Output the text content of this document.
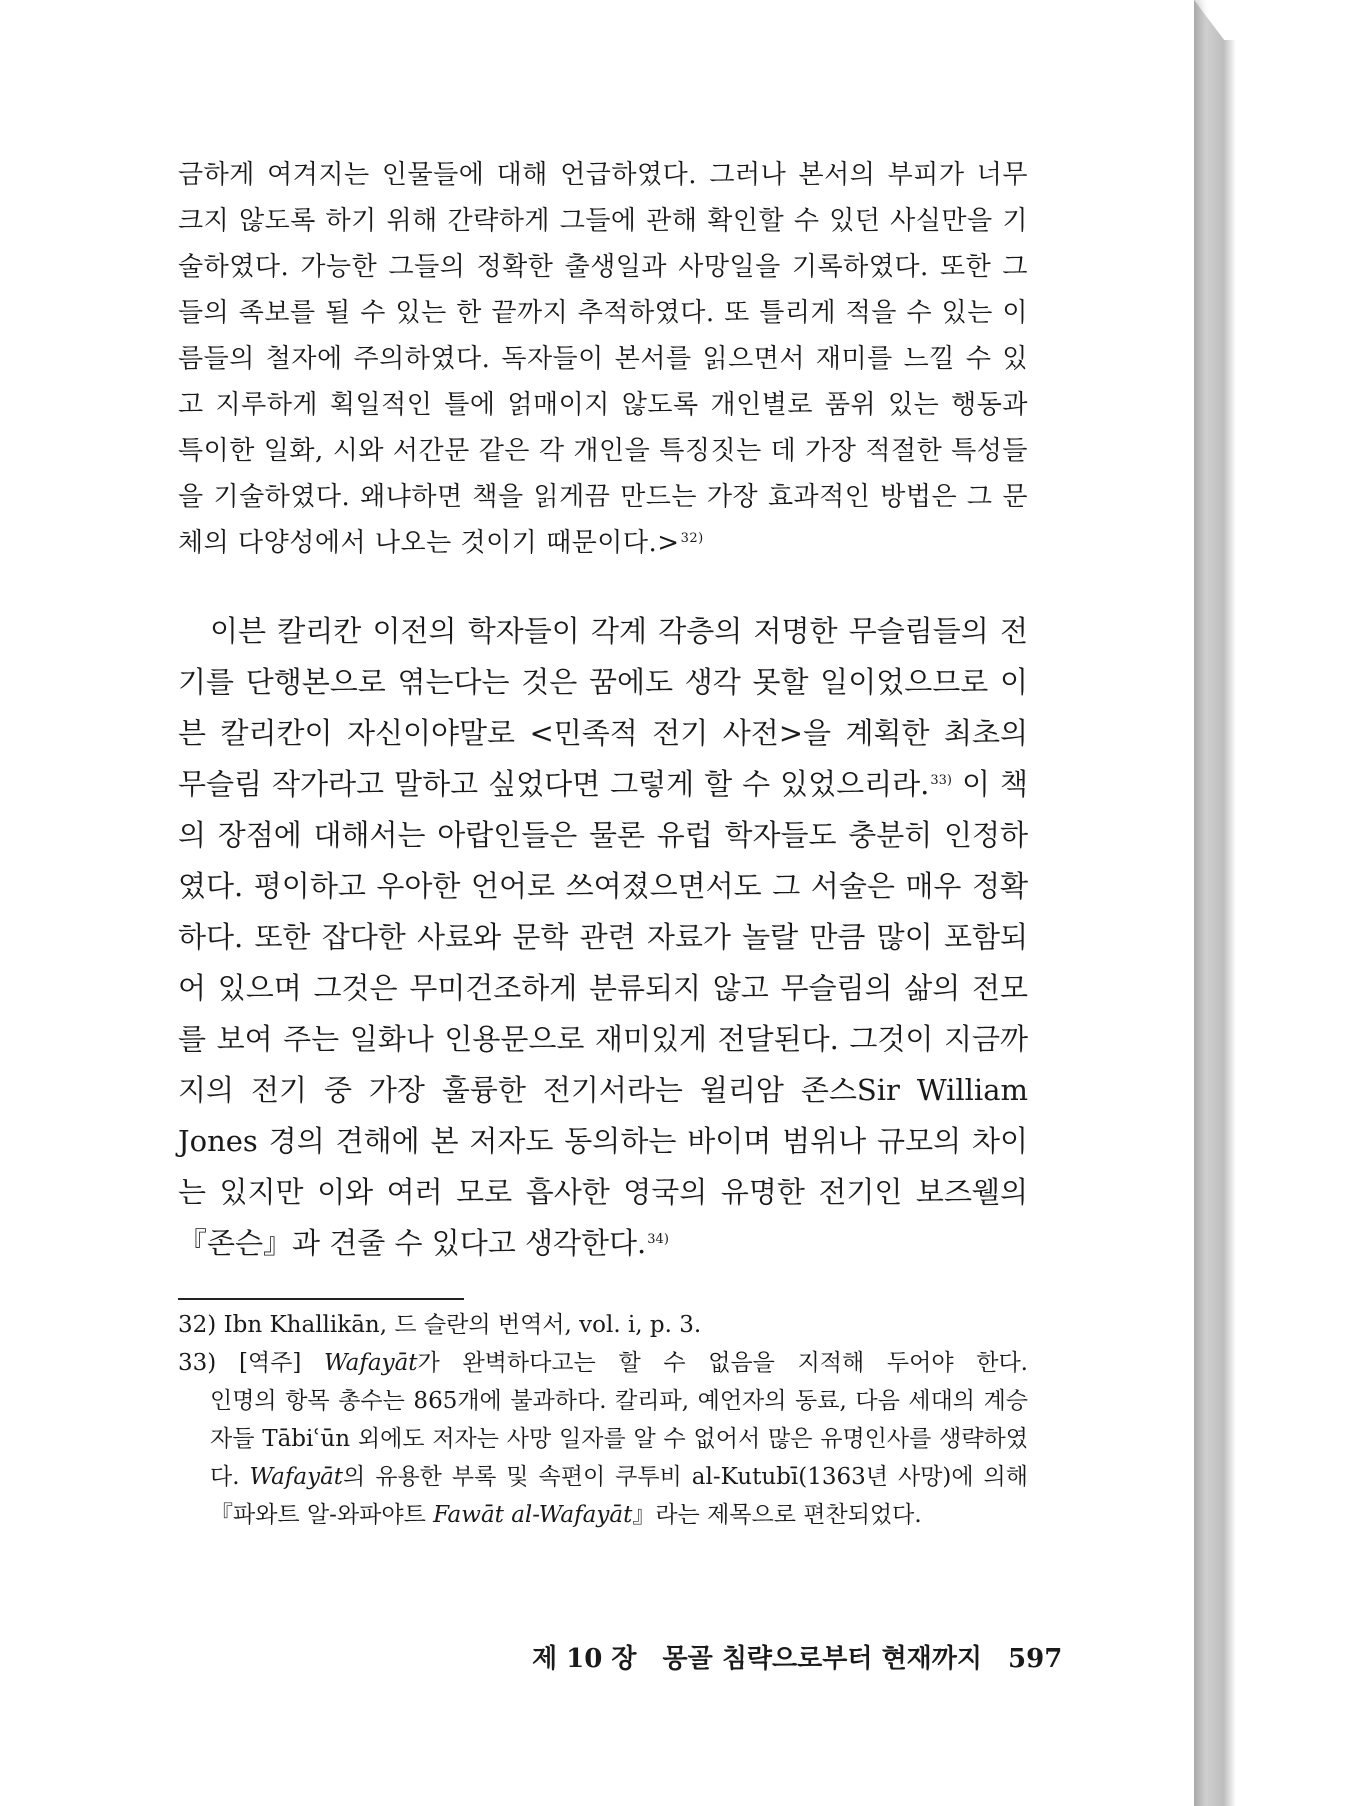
금하게 여겨지는 인물들에 대해 언급하였다. 그러나 본서의 부피가 너무 크지 않도록 하기 위해 간략하게 그들에 관해 확인할 수 있던 사실만을 기술하였다. 가능한 그들의 정확한 출생일과 사망일을 기록하였다. 또한 그들의 족보를 될 수 있는 한 끝까지 추적하였다. 또 틀리게 적을 수 있는 이름들의 철자에 주의하였다. 독자들이 본서를 읽으면서 재미를 느낄 수 있고 지루하게 획일적인 틀에 얽매이지 않도록 개인별로 품위 있는 행동과 특이한 일화, 시와 서간문 같은 각 개인을 특징짓는 데 가장 적절한 특성들을 기술하였다. 왜냐하면 책을 읽게끔 만드는 가장 효과적인 방법은 그 문체의 다양성에서 나오는 것이기 때문이다.>$^{32)}$
이븐 칼리칸 이전의 학자들이 각계 각층의 저명한 무슬림들의 전기를 단행본으로 엮는다는 것은 꿈에도 생각 못할 일이었으므로 이븐 칼리칸이 자신이야말로 <민족적 전기 사전>을 계획한 최초의 무슬림 작가라고 말하고 싶었다면 그렇게 할 수 있었으리라.$^{33)}$ 이 책의 장점에 대해서는 아랍인들은 물론 유럽 학자들도 충분히 인정하였다. 평이하고 우아한 언어로 쓰여졌으면서도 그 서술은 매우 정확하다. 또한 잡다한 사료와 문학 관련 자료가 놀랄 만큼 많이 포함되어 있으며 그것은 무미건조하게 분류되지 않고 무슬림의 삶의 전모를 보여 주는 일화나 인용문으로 재미있게 전달된다. 그것이 지금까지의 전기 중 가장 훌륭한 전기서라는 윌리암 존스Sir William Jones 경의 견해에 본 저자도 동의하는 바이며 범위나 규모의 차이는 있지만 이와 여러 모로 흡사한 영국의 유명한 전기인 보즈웰의 『존슨』과 견줄 수 있다고 생각한다.$^{34)}$
32) Ibn Khallikān, 드 슬란의 번역서, vol. i, p. 3.
33) [역주] Wafayāt가 완벽하다고는 할 수 없음을 지적해 두어야 한다.
인명의 항목 총수는 865개에 불과하다. 칼리파, 예언자의 동료, 다음 세대의 계승자들 Tābiʿūn 외에도 저자는 사망 일자를 알 수 없어서 많은 유명인사를 생략하였다. Wafayāt의 유용한 부록 및 속편이 쿠투비 al-Kutubī(1363년 사망)에 의해 『파와트 알-와파야트 Fawāt al-Wafayāt』라는 제목으로 편찬되었다.
제 10 장 몽골 침략으로부터 현재까지 597
